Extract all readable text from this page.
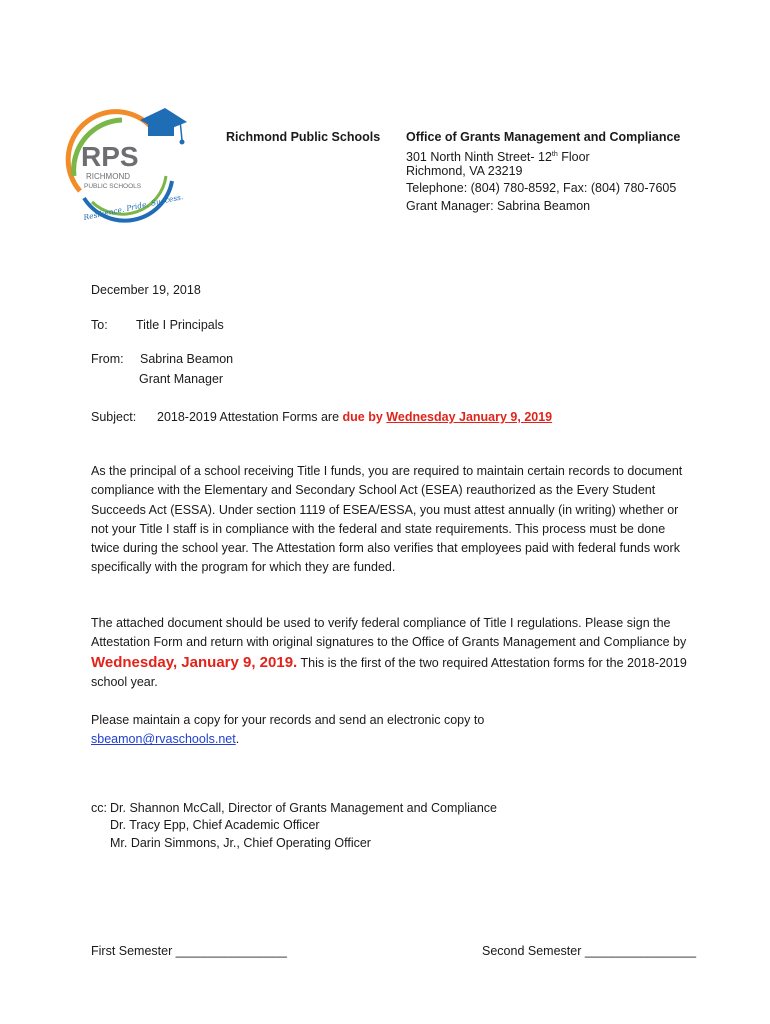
RPS
RICHMOND
PUBLIC SCHOOLS
Resilience. Pride. Success.
Richmond Public Schools Office of Grants Management and Compliance
301 North Ninth Street- 12th Floor
Richmond, VA 23219
Telephone: (804) 780-8592, Fax: (804) 780-7605
Grant Manager: Sabrina Beamon
December 19, 2018
To: Title I Principals
From: Sabrina Beamon
Grant Manager
Subject: 2018-2019 Attestation Forms are due by Wednesday January 9, 2019
As the principal of a school receiving Title I funds, you are required to maintain certain records to document compliance with the Elementary and Secondary School Act (ESEA) reauthorized as the Every Student Succeeds Act (ESSA). Under section 1119 of ESEA/ESSA, you must attest annually (in writing) whether or not your Title I staff is in compliance with the federal and state requirements. This process must be done twice during the school year. The Attestation form also verifies that employees paid with federal funds work specifically with the program for which they are funded.
The attached document should be used to verify federal compliance of Title I regulations. Please sign the Attestation Form and return with original signatures to the Office of Grants Management and Compliance by Wednesday, January 9, 2019. This is the first of the two required Attestation forms for the 2018-2019 school year.
Please maintain a copy for your records and send an electronic copy to
sbeamon@rvaschools.net.
cc: Dr. Shannon McCall, Director of Grants Management and Compliance
Dr. Tracy Epp, Chief Academic Officer
Mr. Darin Simmons, Jr., Chief Operating Officer
First Semester ________________	Second Semester ________________
